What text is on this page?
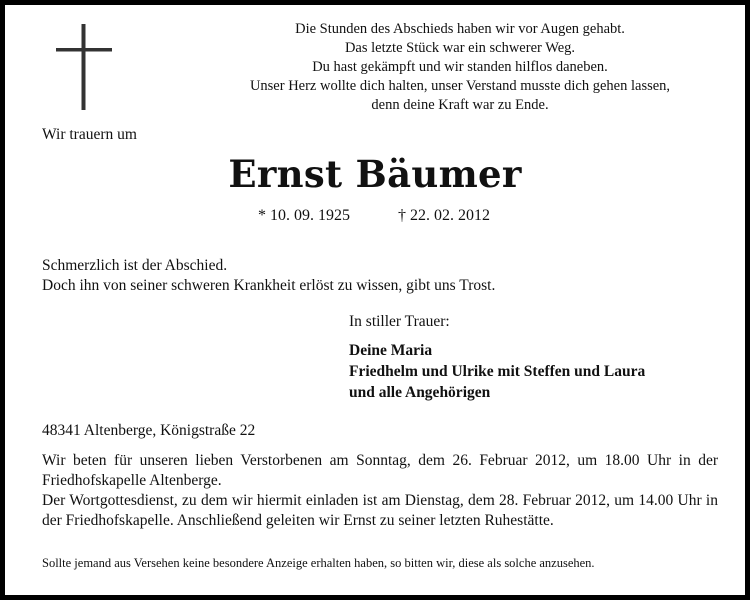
Die Stunden des Abschieds haben wir vor Augen gehabt.
Das letzte Stück war ein schwerer Weg.
Du hast gekämpft und wir standen hilflos daneben.
Unser Herz wollte dich halten, unser Verstand musste dich gehen lassen,
denn deine Kraft war zu Ende.
Wir trauern um
Ernst Bäumer
* 10. 09. 1925	† 22. 02. 2012
Schmerzlich ist der Abschied.
Doch ihn von seiner schweren Krankheit erlöst zu wissen, gibt uns Trost.
In stiller Trauer:
Deine Maria
Friedhelm und Ulrike mit Steffen und Laura
und alle Angehörigen
48341 Altenberge, Königstraße 22
Wir beten für unseren lieben Verstorbenen am Sonntag, dem 26. Februar 2012, um 18.00 Uhr in der Friedhofskapelle Altenberge.
Der Wortgottesdienst, zu dem wir hiermit einladen ist am Dienstag, dem 28. Februar 2012, um 14.00 Uhr in der Friedhofskapelle. Anschließend geleiten wir Ernst zu seiner letzten Ruhestätte.
Sollte jemand aus Versehen keine besondere Anzeige erhalten haben, so bitten wir, diese als solche anzusehen.
